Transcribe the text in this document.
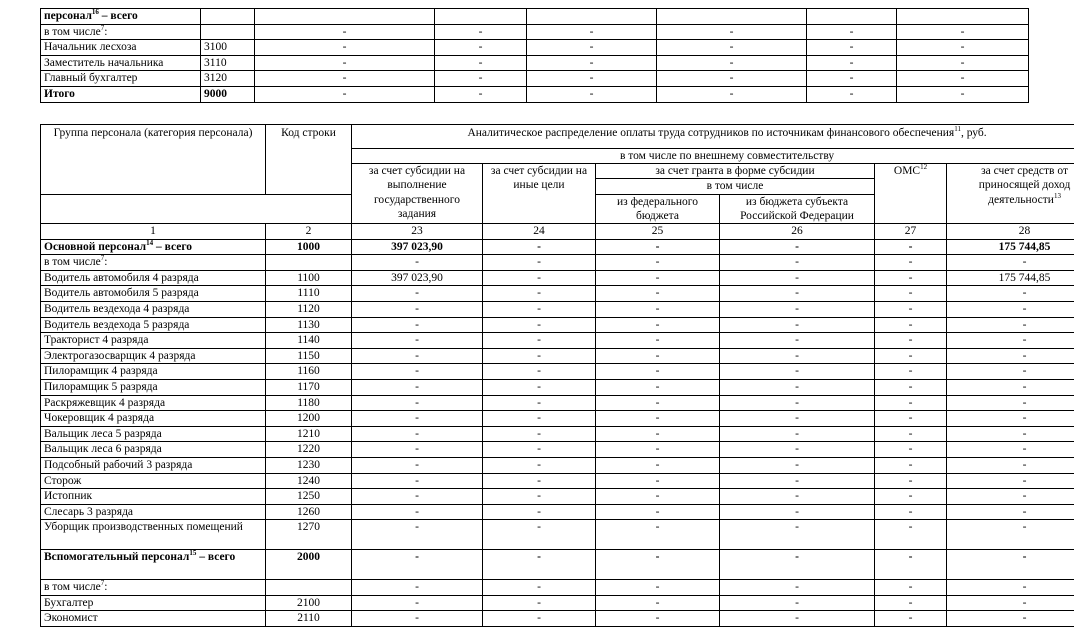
персонал$^{16}$ – всего							
в том числе$^7$:		-	-	-	-	-	-
Начальник лесхоза	3100	-	-	-	-	-	-
Заместитель начальника	3110	-	-	-	-	-	-
Главный бухгалтер	3120	-	-	-	-	-	-
Итого	9000	-	-	-	-	-	-
Группа персонала (категория персонала)	Код строки	Аналитическое распределение оплаты труда сотрудников по источникам финансового обеспечения$^{11}$, руб.					
		в том числе по внешнему совместительству					
		за счет субсидии на выполнение государственного задания	за счет субсидии на иные цели	за счет гранта в форме субсидии		ОМС$^{12}$	за счет средств от приносящей доход деятельности$^{13}$
				в том числе			
				из федерального бюджета	из бюджета субъекта Российской Федерации		
1	2	23	24	25	26	27	28
Основной персонал$^{14}$ – всего	1000	397 023,90	-	-	-	-	175 744,85
в том числе$^7$:		-	-	-	-	-	-
Водитель автомобиля 4 разряда	1100	397 023,90	-	-	-	-	175 744,85
Водитель автомобиля 5 разряда	1110	-	-	-	-	-	-
Водитель вездехода 4 разряда	1120	-	-	-	-	-	-
Водитель вездехода 5 разряда	1130	-	-	-	-	-	-
Тракторист 4 разряда	1140	-	-	-	-	-	-
Электрогазосварщик 4 разряда	1150	-	-	-	-	-	-
Пилорамщик 4 разряда	1160	-	-	-	-	-	-
Пилорамщик 5 разряда	1170	-	-	-	-	-	-
Раскряжевщик 4 разряда	1180	-	-	-	-	-	-
Чокеровщик 4 разряда	1200	-	-	-	-	-	-
Вальщик леса 5 разряда	1210	-	-	-	-	-	-
Вальщик леса 6 разряда	1220	-	-	-	-	-	-
Подсобный рабочий 3 разряда	1230	-	-	-	-	-	-
Сторож	1240	-	-	-	-	-	-
Истопник	1250	-	-	-	-	-	-
Слесарь 3 разряда	1260	-	-	-	-	-	-
Уборщик производственных помещений	1270	-	-	-	-	-	-
Вспомогательный персонал$^{15}$ – всего	2000	-	-	-	-	-	-
в том числе$^7$:		-	-	-	-	-	-
Бухгалтер	2100	-	-	-	-	-	-
Экономист	2110	-	-	-	-	-	-
